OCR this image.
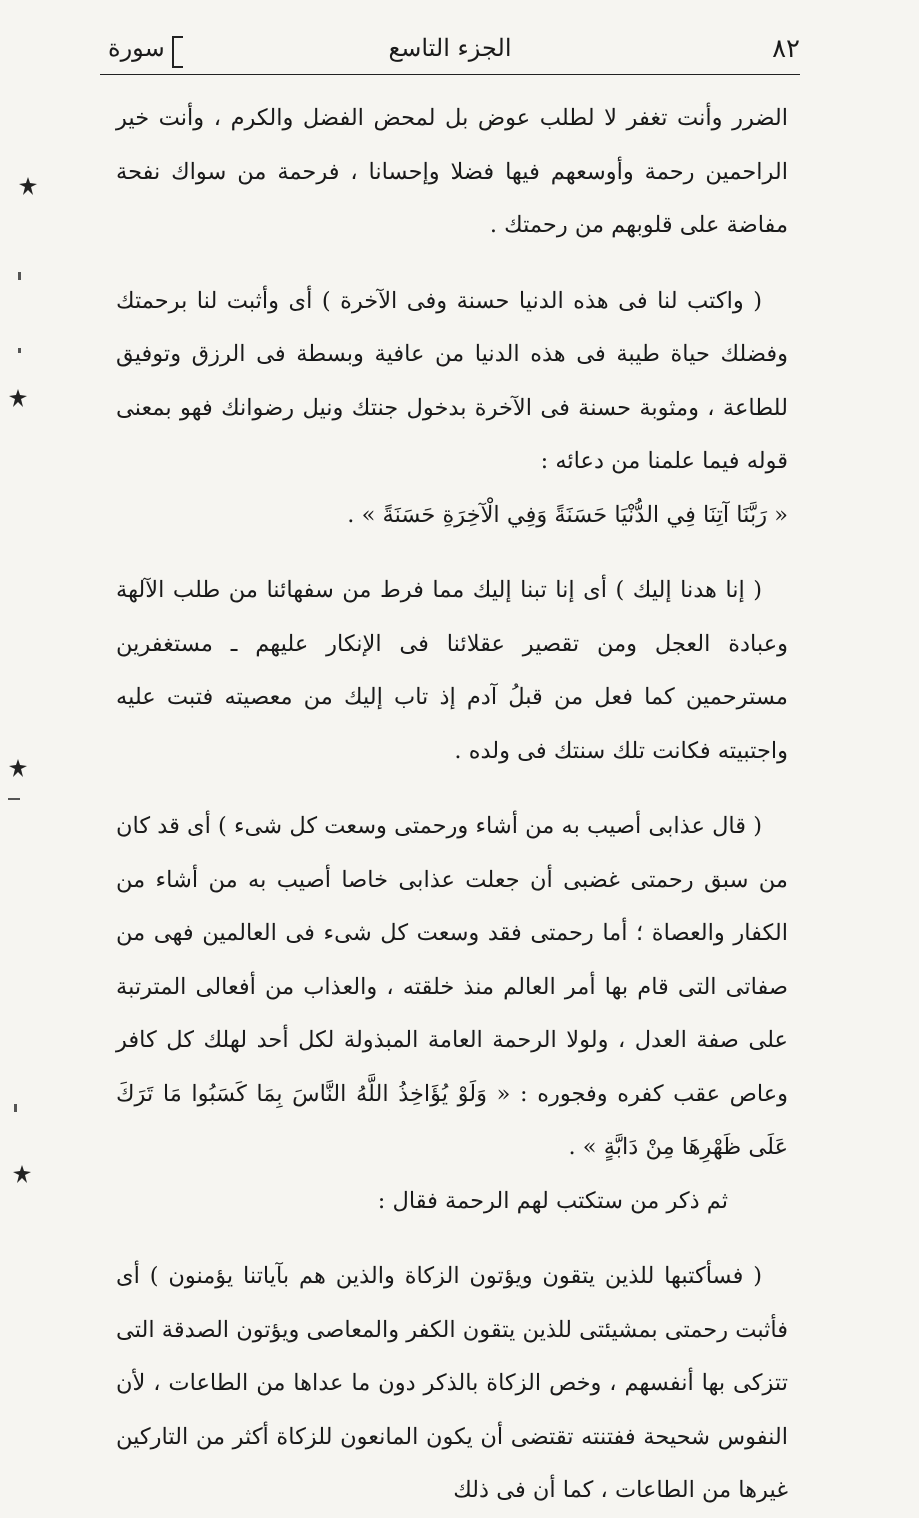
٨٢
الجزء التاسع
سورة

الضرر وأنت تغفر لا لطلب عوض بل لمحض الفضل والكرم ، وأنت خير الراحمين رحمة وأوسعهم فيها فضلا وإحسانا ، فرحمة من سواك نفحة مفاضة على قلوبهم من رحمتك .

( واكتب لنا فى هذه الدنيا حسنة وفى الآخرة ) أى وأثبت لنا برحمتك وفضلك حياة طيبة فى هذه الدنيا من عافية وبسطة فى الرزق وتوفيق للطاعة ، ومثوبة حسنة فى الآخرة بدخول جنتك ونيل رضوانك فهو بمعنى قوله فيما علمنا من دعائه :

« رَبَّنَا آتِنَا فِي الدُّنْيَا حَسَنَةً وَفِي الْآخِرَةِ حَسَنَةً » .

( إنا هدنا إليك ) أى إنا تبنا إليك مما فرط من سفهائنا من طلب الآلهة وعبادة العجل ومن تقصير عقلائنا فى الإنكار عليهم ـ مستغفرين مسترحمين كما فعل من قبلُ آدم إذ تاب إليك من معصيته فتبت عليه واجتبيته فكانت تلك سنتك فى ولده .

( قال عذابى أصيب به من أشاء ورحمتى وسعت كل شىء ) أى قد كان من سبق رحمتى غضبى أن جعلت عذابى خاصا أصيب به من أشاء من الكفار والعصاة ؛ أما رحمتى فقد وسعت كل شىء فى العالمين فهى من صفاتى التى قام بها أمر العالم منذ خلقته ، والعذاب من أفعالى المترتبة على صفة العدل ، ولولا الرحمة العامة المبذولة لكل أحد لهلك كل كافر وعاص عقب كفره وفجوره : « وَلَوْ يُؤَاخِذُ اللَّهُ النَّاسَ بِمَا كَسَبُوا مَا تَرَكَ عَلَى ظَهْرِهَا مِنْ دَابَّةٍ » .

ثم ذكر من ستكتب لهم الرحمة فقال :

( فسأكتبها للذين يتقون ويؤتون الزكاة والذين هم بآياتنا يؤمنون ) أى فأثبت رحمتى بمشيئتى للذين يتقون الكفر والمعاصى ويؤتون الصدقة التى تتزكى بها أنفسهم ، وخص الزكاة بالذكر دون ما عداها من الطاعات ، لأن النفوس شحيحة ففتنته تقتضى أن يكون المانعون للزكاة أكثر من التاركين غيرها من الطاعات ، كما أن فى ذلك
